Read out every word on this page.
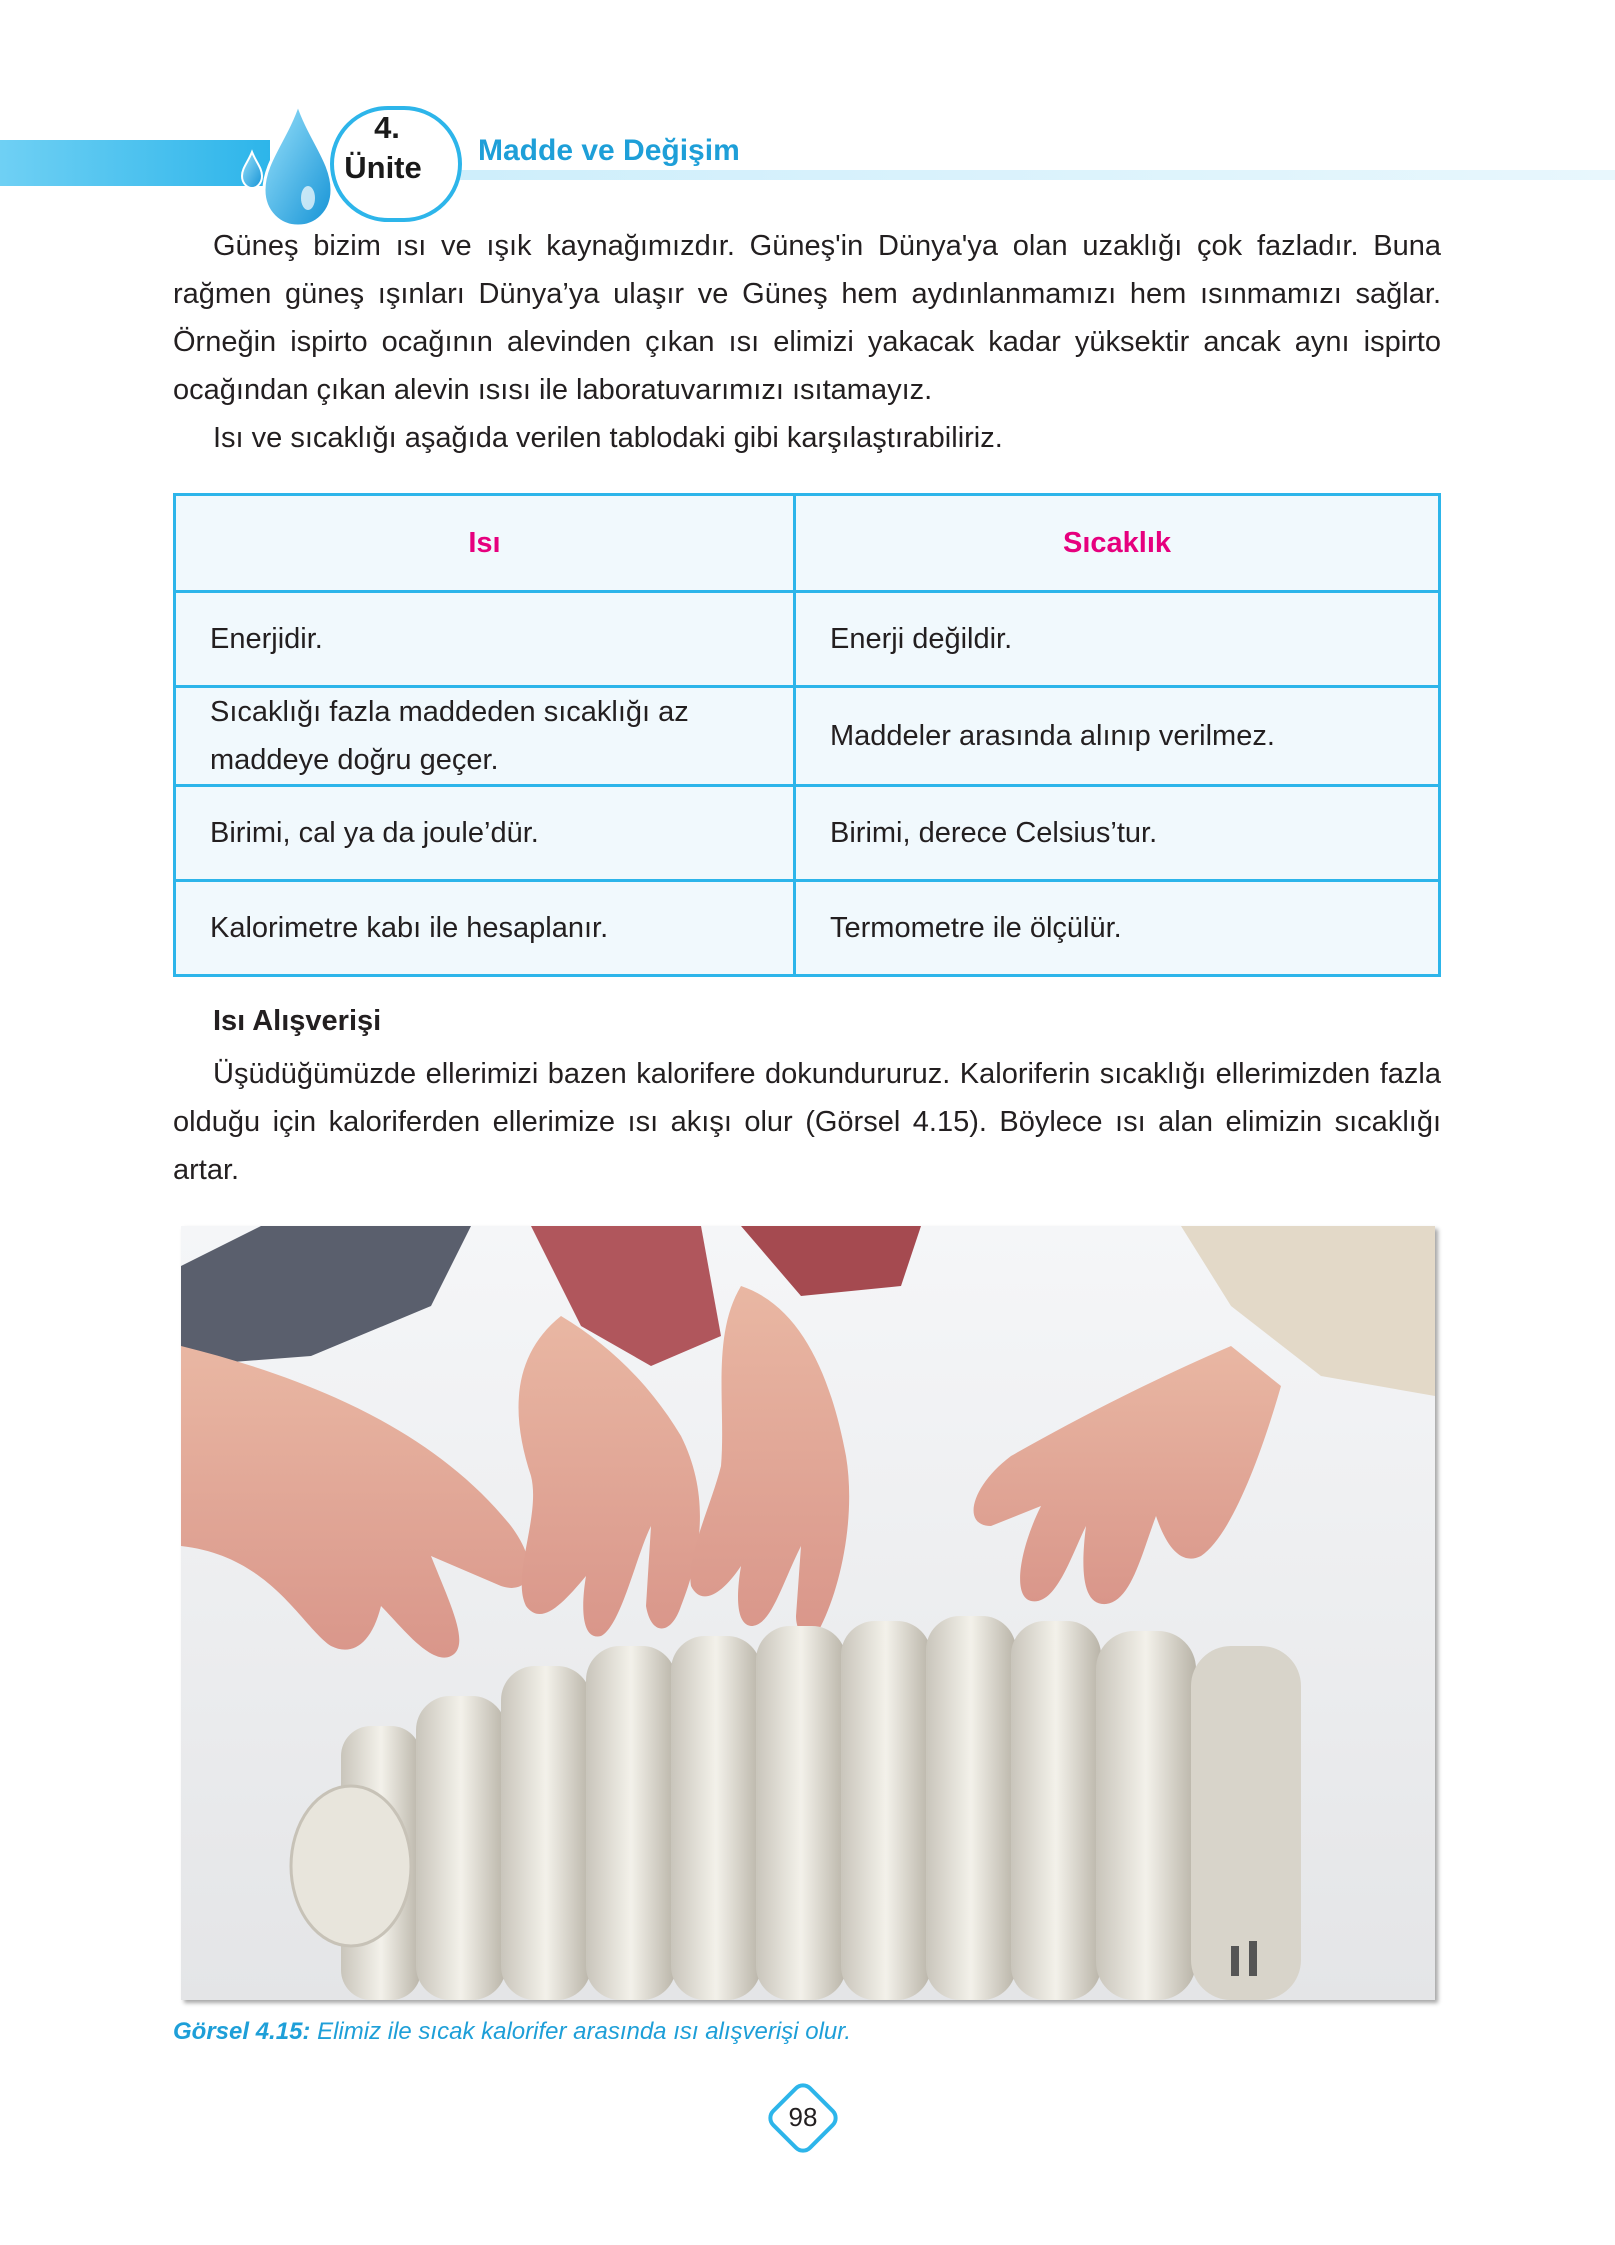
4.
Ünite	Madde ve Değişim
Güneş bizim ısı ve ışık kaynağımızdır. Güneş'in Dünya'ya olan uzaklığı çok fazladır. Buna rağmen güneş ışınları Dünya’ya ulaşır ve Güneş hem aydınlanmamızı hem ısınmamızı sağlar. Örneğin ispirto ocağının alevinden çıkan ısı elimizi yakacak kadar yüksektir ancak aynı ispirto ocağından çıkan alevin ısısı ile laboratuvarımızı ısıtamayız.
Isı ve sıcaklığı aşağıda verilen tablodaki gibi karşılaştırabiliriz.
Isı	Sıcaklık
Enerjidir.	Enerji değildir.
Sıcaklığı fazla maddeden sıcaklığı az maddeye doğru geçer.	Maddeler arasında alınıp verilmez.
Birimi, cal ya da joule’dür.	Birimi, derece Celsius’tur.
Kalorimetre kabı ile hesaplanır.	Termometre ile ölçülür.
Isı Alışverişi
Üşüdüğümüzde ellerimizi bazen kalorifere dokundururuz. Kaloriferin sıcaklığı ellerimizden fazla olduğu için kaloriferden ellerimize ısı akışı olur (Görsel 4.15). Böylece ısı alan elimizin sıcaklığı artar.
Görsel 4.15: Elimiz ile sıcak kalorifer arasında ısı alışverişi olur.
98
